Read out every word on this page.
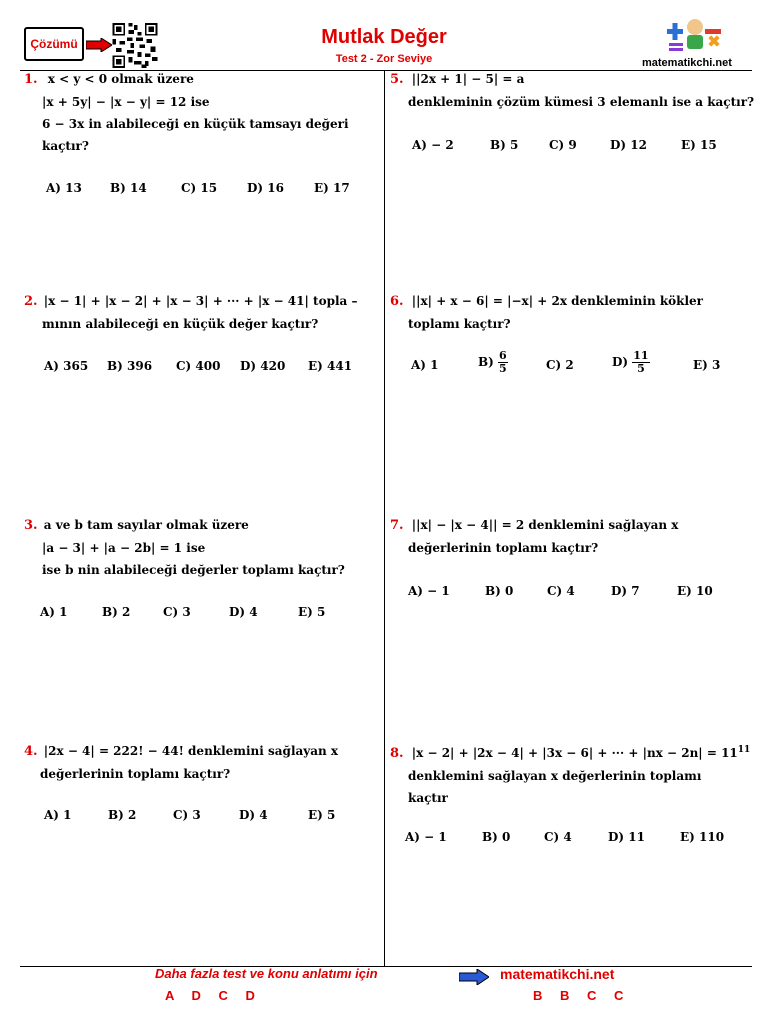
Çözümü	Mutlak Değer
Test 2 - Zor Seviye	matematikchi.net
1. x < y < 0 olmak üzere
|x + 5y| − |x − y| = 12 ise
6 − 3x in alabileceği en küçük tamsayı değeri
kaçtır?
A) 13 B) 14	C) 15 D) 16	E) 17
2. |x − 1| + |x − 2| + |x − 3| + ··· + |x − 41| topla –
mının alabileceği en küçük değer kaçtır?
A) 365 B) 396 C) 400 D) 420 E) 441
3. a ve b tam sayılar olmak üzere
|a − 3| + |a − 2b| = 1 ise
ise b nin alabileceği değerler toplamı kaçtır?
A) 1	B) 2	C) 3	D) 4	E) 5
4. |2x − 4| = 222! − 44! denklemini sağlayan x
değerlerinin toplamı kaçtır?
A) 1	B) 2	C) 3	D) 4	E) 5
5. ||2x + 1| − 5| = a
denkleminin çözüm kümesi 3 elemanlı ise a kaçtır?
A) − 2	B) 5	C) 9	D) 12	E) 15
6. ||x| + x − 6| = |−x| + 2x denkleminin kökler
toplamı kaçtır?
A) 1	$B) \frac{6}{5}$	C) 2	$D) \frac{11}{5}$	E) 3
7. ||x| − |x − 4|| = 2 denklemini sağlayan x
değerlerinin toplamı kaçtır?
A) − 1	B) 0	C) 4	D) 7	E) 10
8. |x − 2| + |2x − 4| + |3x − 6| + ··· + $|nx - 2n| = 11^{11}$
denklemini sağlayan x değerlerinin toplamı
kaçtır
A) − 1	B) 0	C) 4	D) 11	E) 110
Daha fazla test ve konu anlatımı için	matematikchi.net
A D C D	B B C C
